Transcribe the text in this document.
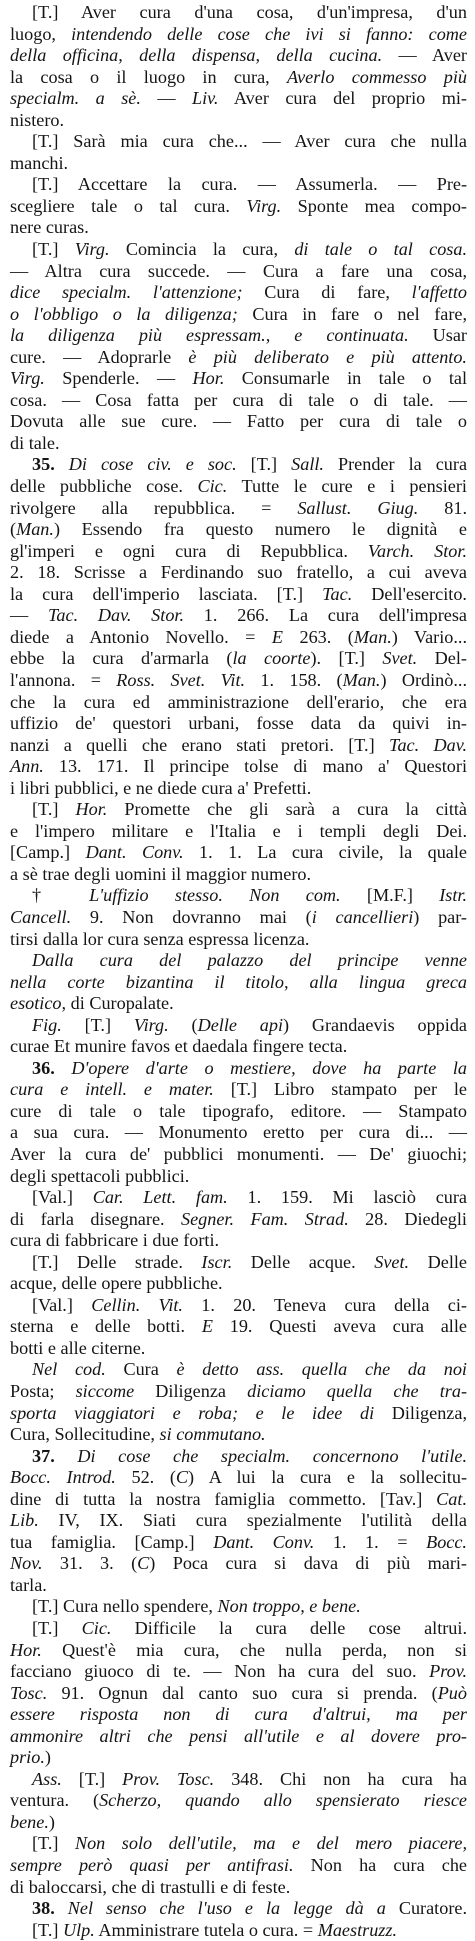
[T.] Aver cura d'una cosa, d'un'impresa, d'un
luogo, intendendo delle cose che ivi si fanno: come
della officina, della dispensa, della cucina. — Aver
la cosa o il luogo in cura, Averlo commesso più
specialm. a sè. — Liv. Aver cura del proprio mi-
nistero.
[T.] Sarà mia cura che... — Aver cura che nulla
manchi.
[T.] Accettare la cura. — Assumerla. — Pre-
scegliere tale o tal cura. Virg. Sponte mea compo-
nere curas.
[T.] Virg. Comincia la cura, di tale o tal cosa.
— Altra cura succede. — Cura a fare una cosa,
dice specialm. l'attenzione; Cura di fare, l'affetto
o l'obbligo o la diligenza; Cura in fare o nel fare,
la diligenza più espressam., e continuata. Usar
cure. — Adoprarle è più deliberato e più attento.
Virg. Spenderle. — Hor. Consumarle in tale o tal
cosa. — Cosa fatta per cura di tale o di tale. —
Dovuta alle sue cure. — Fatto per cura di tale o
di tale.
35. Di cose civ. e soc. [T.] Sall. Prender la cura
delle pubbliche cose. Cic. Tutte le cure e i pensieri
rivolgere alla repubblica. = Sallust. Giug. 81.
(Man.) Essendo fra questo numero le dignità e
gl'imperi e ogni cura di Repubblica. Varch. Stor.
2. 18. Scrisse a Ferdinando suo fratello, a cui aveva
la cura dell'imperio lasciata. [T.] Tac. Dell'esercito.
— Tac. Dav. Stor. 1. 266. La cura dell'impresa
diede a Antonio Novello. = E 263. (Man.) Vario...
ebbe la cura d'armarla (la coorte). [T.] Svet. Del-
l'annona. = Ross. Svet. Vit. 1. 158. (Man.) Ordinò...
che la cura ed amministrazione dell'erario, che era
uffizio de' questori urbani, fosse data da quivi in-
nanzi a quelli che erano stati pretori. [T.] Tac. Dav.
Ann. 13. 171. Il principe tolse di mano a' Questori
i libri pubblici, e ne diede cura a' Prefetti.
[T.] Hor. Promette che gli sarà a cura la città
e l'impero militare e l'Italia e i templi degli Dei.
[Camp.] Dant. Conv. 1. 1. La cura civile, la quale
a sè trae degli uomini il maggior numero.
† L'uffizio stesso. Non com. [M.F.] Istr.
Cancell. 9. Non dovranno mai (i cancellieri) par-
tirsi dalla lor cura senza espressa licenza.
Dalla cura del palazzo del principe venne
nella corte bizantina il titolo, alla lingua greca
esotico, di Curopalate.
Fig. [T.] Virg. (Delle api) Grandaevis oppida
curae Et munire favos et daedala fingere tecta.
36. D'opere d'arte o mestiere, dove ha parte la
cura e intell. e mater. [T.] Libro stampato per le
cure di tale o tale tipografo, editore. — Stampato
a sua cura. — Monumento eretto per cura di... —
Aver la cura de' pubblici monumenti. — De' giuochi;
degli spettacoli pubblici.
[Val.] Car. Lett. fam. 1. 159. Mi lasciò cura
di farla disegnare. Segner. Fam. Strad. 28. Diedegli
cura di fabbricare i due forti.
[T.] Delle strade. Iscr. Delle acque. Svet. Delle
acque, delle opere pubbliche.
[Val.] Cellin. Vit. 1. 20. Teneva cura della ci-
sterna e delle botti. E 19. Questi aveva cura alle
botti e alle citerne.
Nel cod. Cura è detto ass. quella che da noi
Posta; siccome Diligenza diciamo quella che tra-
sporta viaggiatori e roba; e le idee di Diligenza,
Cura, Sollecitudine, si commutano.
37. Di cose che specialm. concernono l'utile.
Bocc. Introd. 52. (C) A lui la cura e la sollecitu-
dine di tutta la nostra famiglia commetto. [Tav.] Cat.
Lib. IV, IX. Siati cura spezialmente l'utilità della
tua famiglia. [Camp.] Dant. Conv. 1. 1. = Bocc.
Nov. 31. 3. (C) Poca cura si dava di più mari-
tarla.
[T.] Cura nello spendere, Non troppo, e bene.
[T.] Cic. Difficile la cura delle cose altrui.
Hor. Quest'è mia cura, che nulla perda, non si
facciano giuoco di te. — Non ha cura del suo. Prov.
Tosc. 91. Ognun dal canto suo cura si prenda. (Può
essere risposta non di cura d'altrui, ma per
ammonire altri che pensi all'utile e al dovere pro-
prio.)
Ass. [T.] Prov. Tosc. 348. Chi non ha cura ha
ventura. (Scherzo, quando allo spensierato riesce
bene.)
[T.] Non solo dell'utile, ma e del mero piacere,
sempre però quasi per antifrasi. Non ha cura che
di baloccarsi, che di trastulli e di feste.
38. Nel senso che l'uso e la legge dà a Curatore.
[T.] Ulp. Amministrare tutela o cura. = Maestruzz.
